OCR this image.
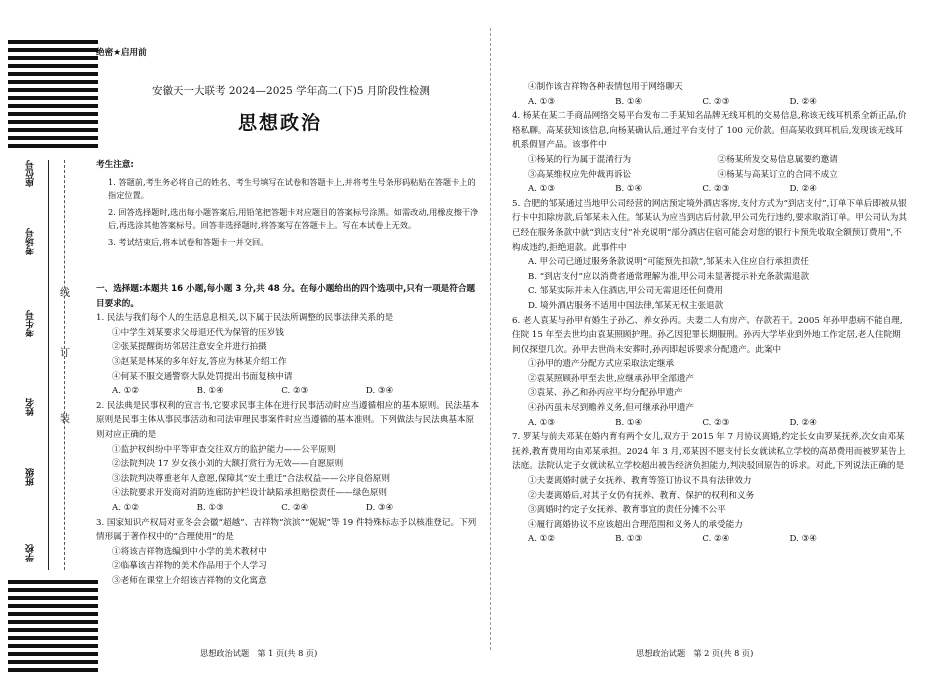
座位号
考场号
考生号
姓名
班级
学校
线
订
装
绝密★启用前
安徽天一大联考 2024—2025 学年高二(下)5 月阶段性检测
思想政治
考生注意:
1. 答题前,考生务必将自己的姓名、考生号填写在试卷和答题卡上,并将考生号条形码粘贴在答题卡上的指定位置。
2. 回答选择题时,选出每小题答案后,用铅笔把答题卡对应题目的答案标号涂黑。如需改动,用橡皮擦干净后,再选涂其他答案标号。回答非选择题时,将答案写在答题卡上。写在本试卷上无效。
3. 考试结束后,将本试卷和答题卡一并交回。
一、选择题:本题共 16 小题,每小题 3 分,共 48 分。在每小题给出的四个选项中,只有一项是符合题目要求的。
1. 民法与我们每个人的生活息息相关,以下属于民法所调整的民事法律关系的是
①中学生刘某要求父母退还代为保管的压岁钱
②张某提醒街坊邻居注意安全并进行拍摄
③赵某是林某的多年好友,答应为林某介绍工作
④何某不服交通警察大队处罚提出书面复核申请
A. ①②	B. ①④	C. ②③	D. ③④
2. 民法典是民事权利的宣言书,它要求民事主体在进行民事活动时应当遵循相应的基本原则。民法基本原则是民事主体从事民事活动和司法审理民事案件时应当遵循的基本准则。下列做法与民法典基本原则对应正确的是
①监护权纠纷中平等审查交往双方的监护能力——公平原则
②法院判决 17 岁女孩小刘的大额打赏行为无效——自愿原则
③法院判决尊重老年人意愿,保障其“安土重迁”合法权益——公序良俗原则
④法院要求开发商对消防连廊防护栏设计缺陷承担赔偿责任——绿色原则
A. ①②	B. ①③	C. ②④	D. ③④
3. 国家知识产权局对亚冬会会徽“超越”、吉祥物“滨滨”“妮妮”等 19 件特殊标志予以核准登记。下列情形属于著作权中的“合理使用”的是
①将该吉祥物选编到中小学的美术教材中
②临摹该吉祥物的美术作品用于个人学习
③老师在课堂上介绍该吉祥物的文化寓意
思想政治试题　第 1 页(共 8 页)
④制作该吉祥物各种表情包用于网络聊天
A. ①③	B. ①④	C. ②③	D. ②④
4. 杨某在某二手商品网络交易平台发布二手某知名品牌无线耳机的交易信息,称该无线耳机系全新正品,价格私聊。高某获知该信息,向杨某确认后,通过平台支付了 100 元价款。但高某收到耳机后,发现该无线耳机系假冒产品。该事件中
①杨某的行为属于混淆行为	②杨某所发交易信息属要约邀请
③高某维权应先仲裁再诉讼	④杨某与高某订立的合同不成立
A. ①③	B. ①④	C. ②③	D. ②④
5. 合肥的邹某通过当地甲公司经营的网店预定境外酒店客房,支付方式为“到店支付”,订单下单后即被从银行卡中扣除房款,后邹某未入住。邹某认为应当到店后付款,甲公司先行违约,要求取消订单。甲公司认为其已经在服务条款中就“到店支付”补充说明“部分酒店住宿可能会对您的银行卡预先收取全额预订费用”,不构成违约,拒绝退款。此事件中
A. 甲公司已通过服务条款说明“可能预先扣款”,邹某未入住应自行承担责任
B. “到店支付”应以消费者通常理解为准,甲公司未显著提示补充条款需退款
C. 邹某实际并未入住酒店,甲公司无需退还任何费用
D. 境外酒店服务不适用中国法律,邹某无权主张退款
6. 老人袁某与孙甲有婚生子孙乙、养女孙丙。夫妻二人有房产、存款若干。2005 年孙甲患病不能自理,住院 15 年至去世均由袁某照顾护理。孙乙因犯罪长期服刑。孙丙大学毕业到外地工作定居,老人住院期间仅探望几次。孙甲去世尚未安葬时,孙丙即起诉要求分配遗产。此案中
①孙甲的遗产分配方式应采取法定继承
②袁某照顾孙甲至去世,应继承孙甲全部遗产
③袁某、孙乙和孙丙应平均分配孙甲遗产
④孙丙虽未尽到赡养义务,但可继承孙甲遗产
A. ①③	B. ①④	C. ②③	D. ②④
7. 罗某与前夫邓某在婚内育有两个女儿,双方于 2015 年 7 月协议离婚,约定长女由罗某抚养,次女由邓某抚养,教育费用均由邓某承担。2024 年 3 月,邓某因不愿支付长女就读私立学校的高昂费用而被罗某告上法庭。法院认定子女就读私立学校超出被告经济负担能力,判决驳回原告的诉求。对此,下列说法正确的是
①夫妻离婚时就子女抚养、教育等签订协议不具有法律效力
②夫妻离婚后,对其子女仍有抚养、教育、保护的权利和义务
③离婚时约定子女抚养、教育事宜的责任分摊不公平
④履行离婚协议不应该超出合理范围和义务人的承受能力
A. ①②	B. ①③	C. ②④	D. ③④
思想政治试题　第 2 页(共 8 页)
